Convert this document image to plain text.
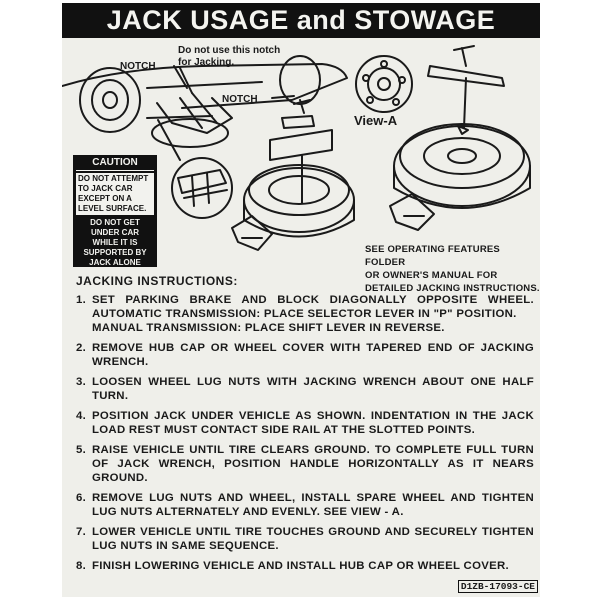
JACK USAGE and STOWAGE
NOTCH
NOTCH
Do not use this notch
for Jacking.
View-A
CAUTION
DO NOT ATTEMPT
TO JACK CAR
EXCEPT ON A
LEVEL SURFACE.
DO NOT GET
UNDER CAR
WHILE IT IS
SUPPORTED BY
JACK ALONE
SEE OPERATING FEATURES FOLDER
OR OWNER'S MANUAL FOR
DETAILED JACKING INSTRUCTIONS.
JACKING INSTRUCTIONS:
1. SET PARKING BRAKE AND BLOCK DIAGONALLY OPPOSITE WHEEL. AUTOMATIC TRANSMISSION: PLACE SELECTOR LEVER IN "P" POSITION.
MANUAL TRANSMISSION: PLACE SHIFT LEVER IN REVERSE.
2. REMOVE HUB CAP OR WHEEL COVER WITH TAPERED END OF JACKING WRENCH.
3. LOOSEN WHEEL LUG NUTS WITH JACKING WRENCH ABOUT ONE HALF TURN.
4. POSITION JACK UNDER VEHICLE AS SHOWN. INDENTATION IN THE JACK LOAD REST MUST CONTACT SIDE RAIL AT THE SLOTTED POINTS.
5. RAISE VEHICLE UNTIL TIRE CLEARS GROUND. TO COMPLETE FULL TURN OF JACK WRENCH, POSITION HANDLE HORIZONTALLY AS IT NEARS GROUND.
6. REMOVE LUG NUTS AND WHEEL, INSTALL SPARE WHEEL AND TIGHTEN LUG NUTS ALTERNATELY AND EVENLY. SEE VIEW - A.
7. LOWER VEHICLE UNTIL TIRE TOUCHES GROUND AND SECURELY TIGHTEN LUG NUTS IN SAME SEQUENCE.
8. FINISH LOWERING VEHICLE AND INSTALL HUB CAP OR WHEEL COVER.
D1ZB-17093-CE
